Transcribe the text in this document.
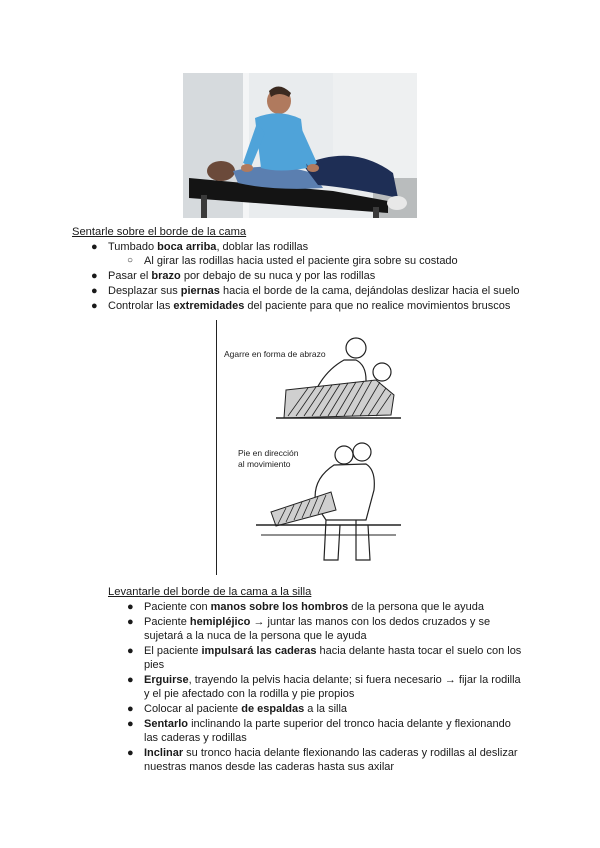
Sentarle sobre el borde de la cama
● Tumbado boca arriba, doblar las rodillas
○ Al girar las rodillas hacia usted el paciente gira sobre su costado
● Pasar el brazo por debajo de su nuca y por las rodillas
● Desplazar sus piernas hacia el borde de la cama, dejándolas deslizar hacia el suelo
● Controlar las extremidades del paciente para que no realice movimientos bruscos
Agarre en forma de abrazo
Pie en dirección
al movimiento
Levantarle del borde de la cama a la silla
● Paciente con manos sobre los hombros de la persona que le ayuda
● Paciente hemipléjico → juntar las manos con los dedos cruzados y se
sujetará a la nuca de la persona que le ayuda
● El paciente impulsará las caderas hacia delante hasta tocar el suelo con los
pies
● Erguirse, trayendo la pelvis hacia delante; si fuera necesario → fijar la rodilla
y el pie afectado con la rodilla y pie propios
● Colocar al paciente de espaldas a la silla
● Sentarlo inclinando la parte superior del tronco hacia delante y flexionando
las caderas y rodillas
● Inclinar su tronco hacia delante flexionando las caderas y rodillas al deslizar
nuestras manos desde las caderas hasta sus axilar
